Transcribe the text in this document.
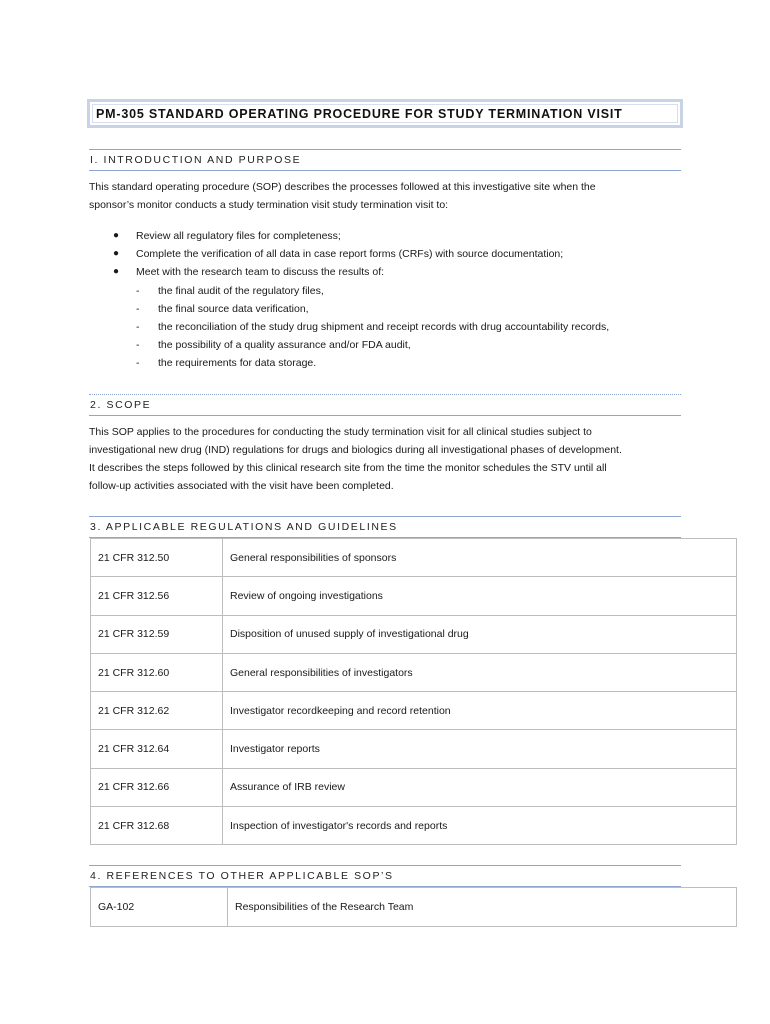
PM-305 STANDARD OPERATING PROCEDURE FOR STUDY TERMINATION VISIT
I. INTRODUCTION AND PURPOSE

This standard operating procedure (SOP) describes the processes followed at this investigative site when the

sponsor’s monitor conducts a study termination visit study termination visit to:

● Review all regulatory files for completeness;
● Complete the verification of all data in case report forms (CRFs) with source documentation;
● Meet with the research team to discuss the results of:
- the final audit of the regulatory files,
- the final source data verification,
- the reconciliation of the study drug shipment and receipt records with drug accountability records,
- the possibility of a quality assurance and/or FDA audit,
- the requirements for data storage.
2. SCOPE

This SOP applies to the procedures for conducting the study termination visit for all clinical studies subject to

investigational new drug (IND) regulations for drugs and biologics during all investigational phases of development.

It describes the steps followed by this clinical research site from the time the monitor schedules the STV until all

follow-up activities associated with the visit have been completed.

3. APPLICABLE REGULATIONS AND GUIDELINES
21 CFR 312.50	General responsibilities of sponsors
21 CFR 312.56	Review of ongoing investigations
21 CFR 312.59	Disposition of unused supply of investigational drug
21 CFR 312.60	General responsibilities of investigators
21 CFR 312.62	Investigator recordkeeping and record retention
21 CFR 312.64	Investigator reports
21 CFR 312.66	Assurance of IRB review
21 CFR 312.68	Inspection of investigator's records and reports
4. REFERENCES TO OTHER APPLICABLE SOP’S
GA-102	Responsibilities of the Research Team
